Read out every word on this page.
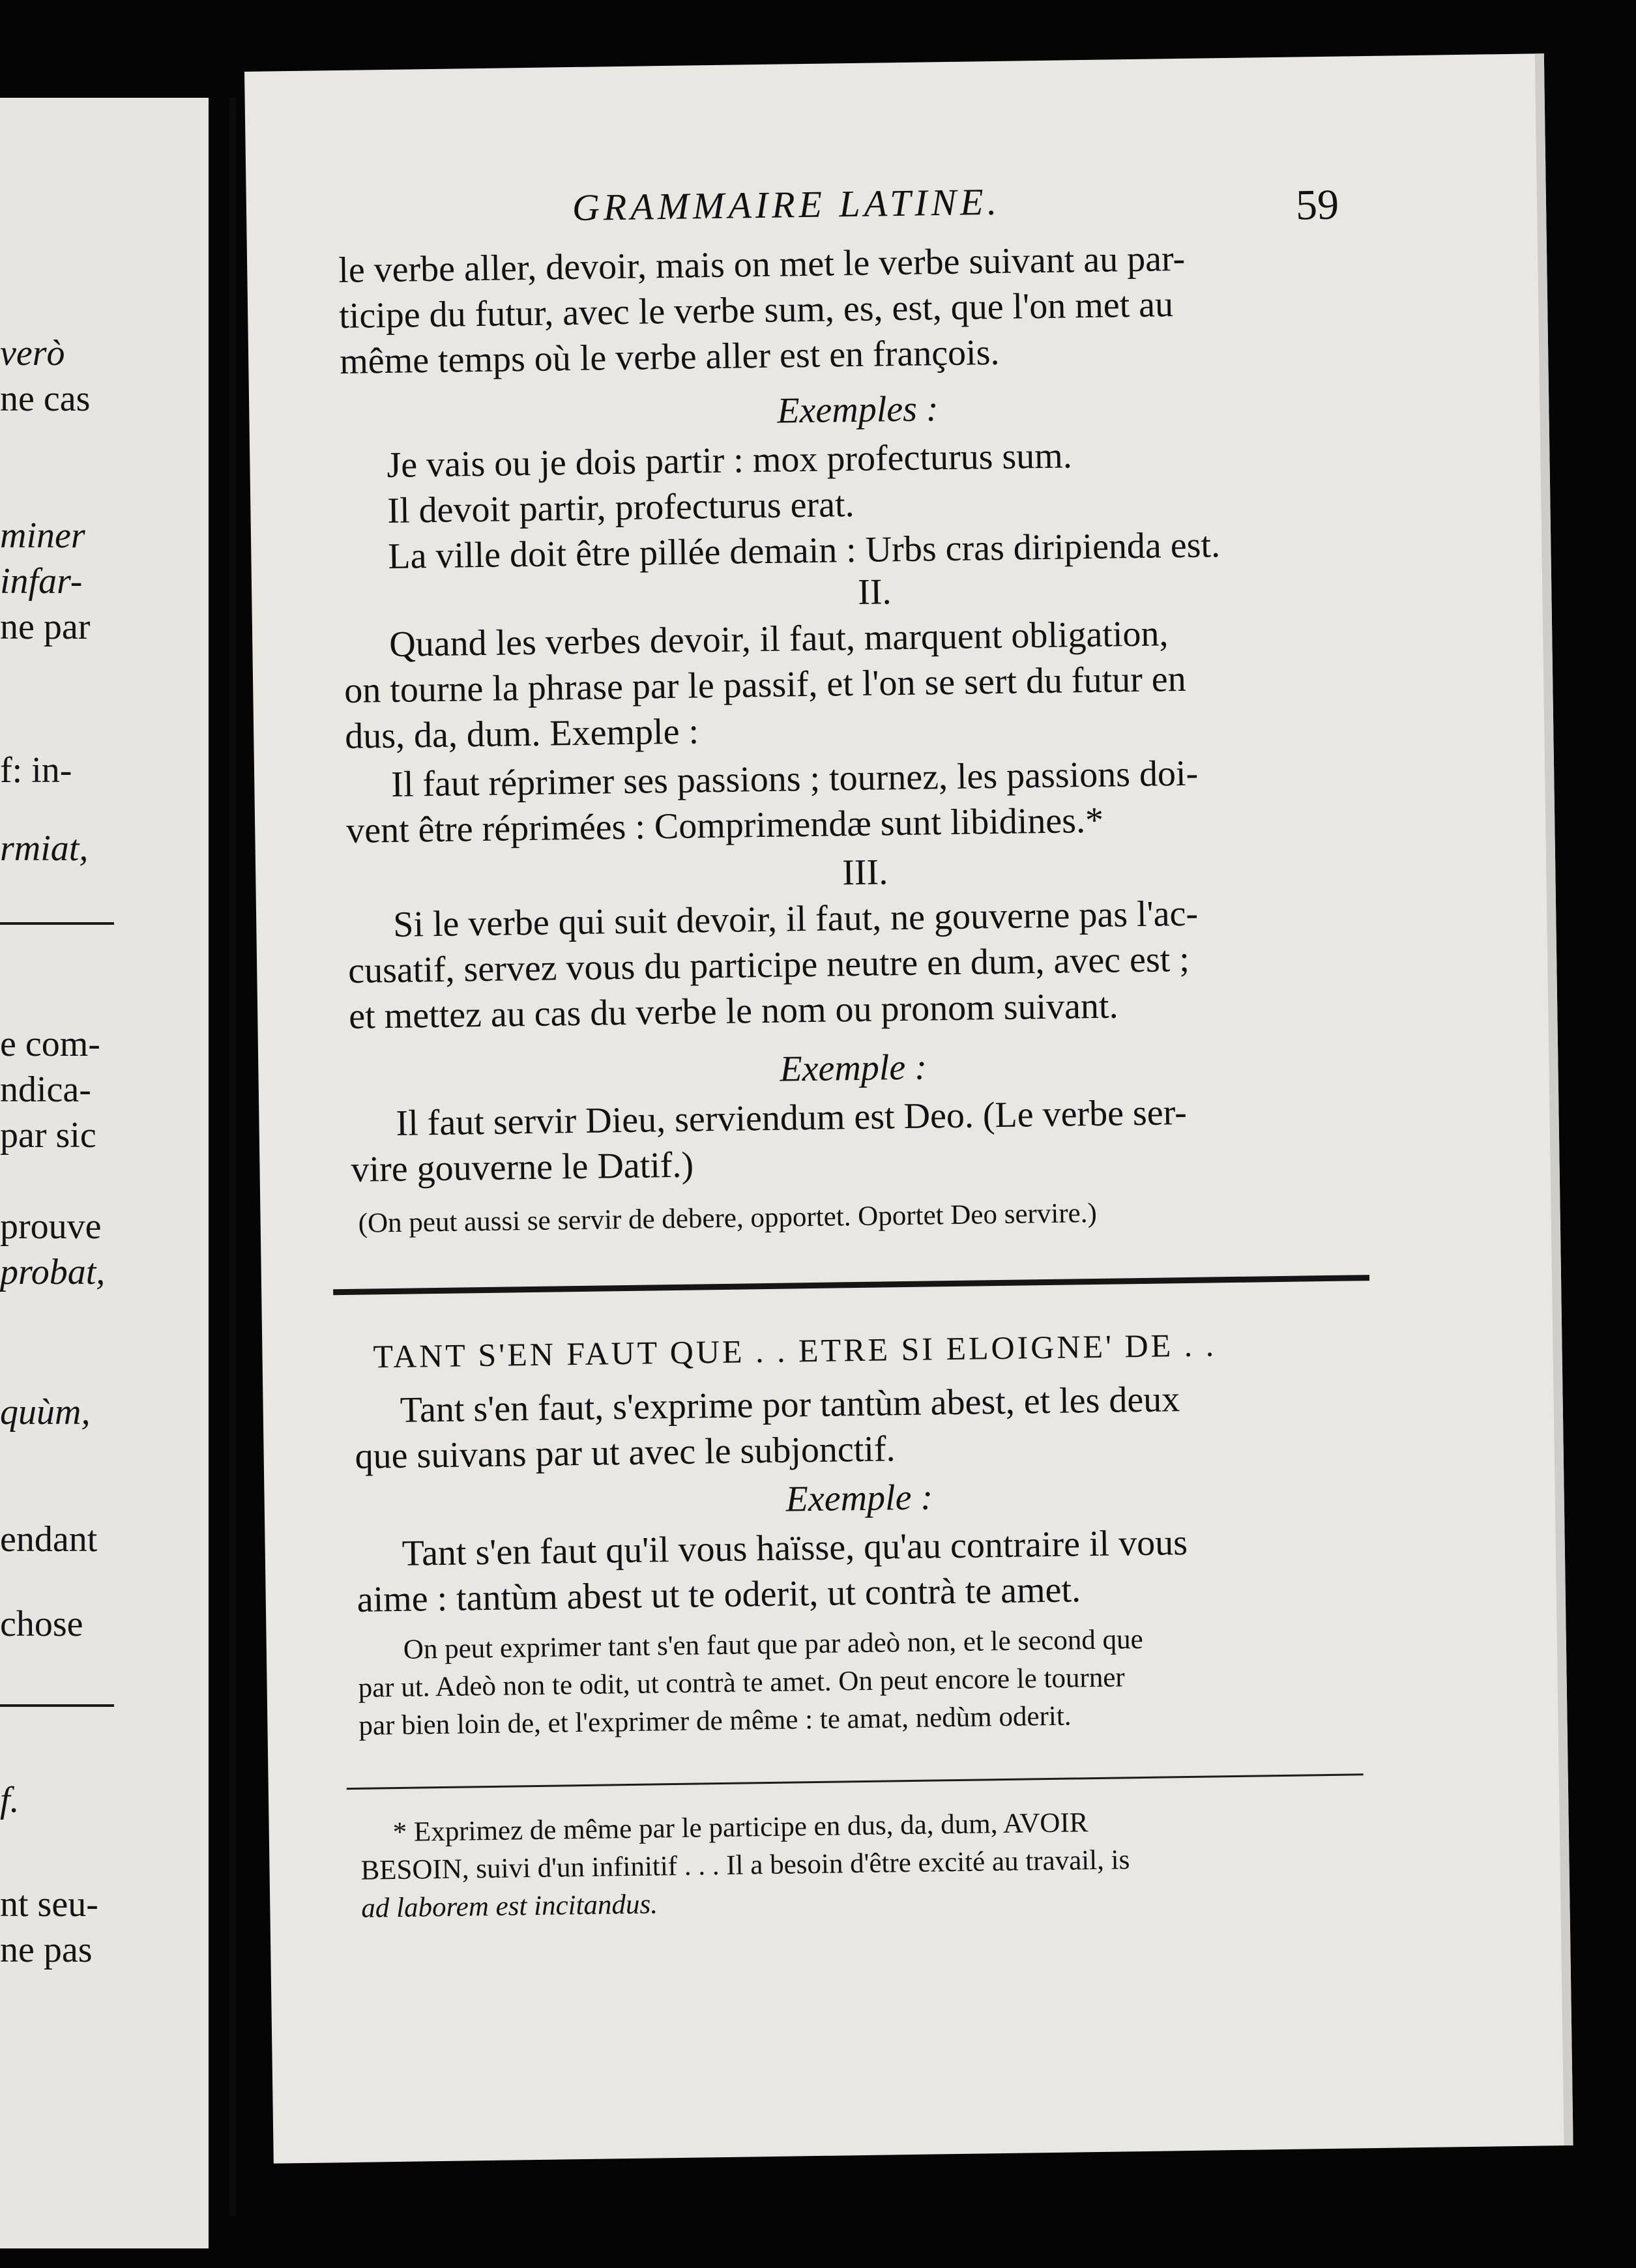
verò
ne cas
miner
infar-
ne par
f: in-
rmiat,
e com-
ndica-
par sic
prouve
probat,
quùm,
endant
chose
f.
nt seu-
ne pas
GRAMMAIRE LATINE.	59
le verbe aller, devoir, mais on met le verbe suivant au par-
ticipe du futur, avec le verbe sum, es, est, que l'on met au
même temps où le verbe aller est en françois.
Exemples :
Je vais ou je dois partir : mox profecturus sum.
Il devoit partir, profecturus erat.
La ville doit être pillée demain : Urbs cras diripienda est.
II.
Quand les verbes devoir, il faut, marquent obligation,
on tourne la phrase par le passif, et l'on se sert du futur en
dus, da, dum. Exemple :
Il faut réprimer ses passions ; tournez, les passions doi-
vent être réprimées : Comprimendæ sunt libidines.*
III.
Si le verbe qui suit devoir, il faut, ne gouverne pas l'ac-
cusatif, servez vous du participe neutre en dum, avec est ;
et mettez au cas du verbe le nom ou pronom suivant.
Exemple :
Il faut servir Dieu, serviendum est Deo. (Le verbe ser-
vire gouverne le Datif.)
(On peut aussi se servir de debere, opportet. Oportet Deo servire.)
TANT S'EN FAUT QUE . . ETRE SI ELOIGNE' DE . .
Tant s'en faut, s'exprime por tantùm abest, et les deux
que suivans par ut avec le subjonctif.
Exemple :
Tant s'en faut qu'il vous haïsse, qu'au contraire il vous
aime : tantùm abest ut te oderit, ut contrà te amet.
On peut exprimer tant s'en faut que par adeò non, et le second que
par ut. Adeò non te odit, ut contrà te amet. On peut encore le tourner
par bien loin de, et l'exprimer de même : te amat, nedùm oderit.
* Exprimez de même par le participe en dus, da, dum, AVOIR
BESOIN, suivi d'un infinitif . . . Il a besoin d'être excité au travail, is
ad laborem est incitandus.
